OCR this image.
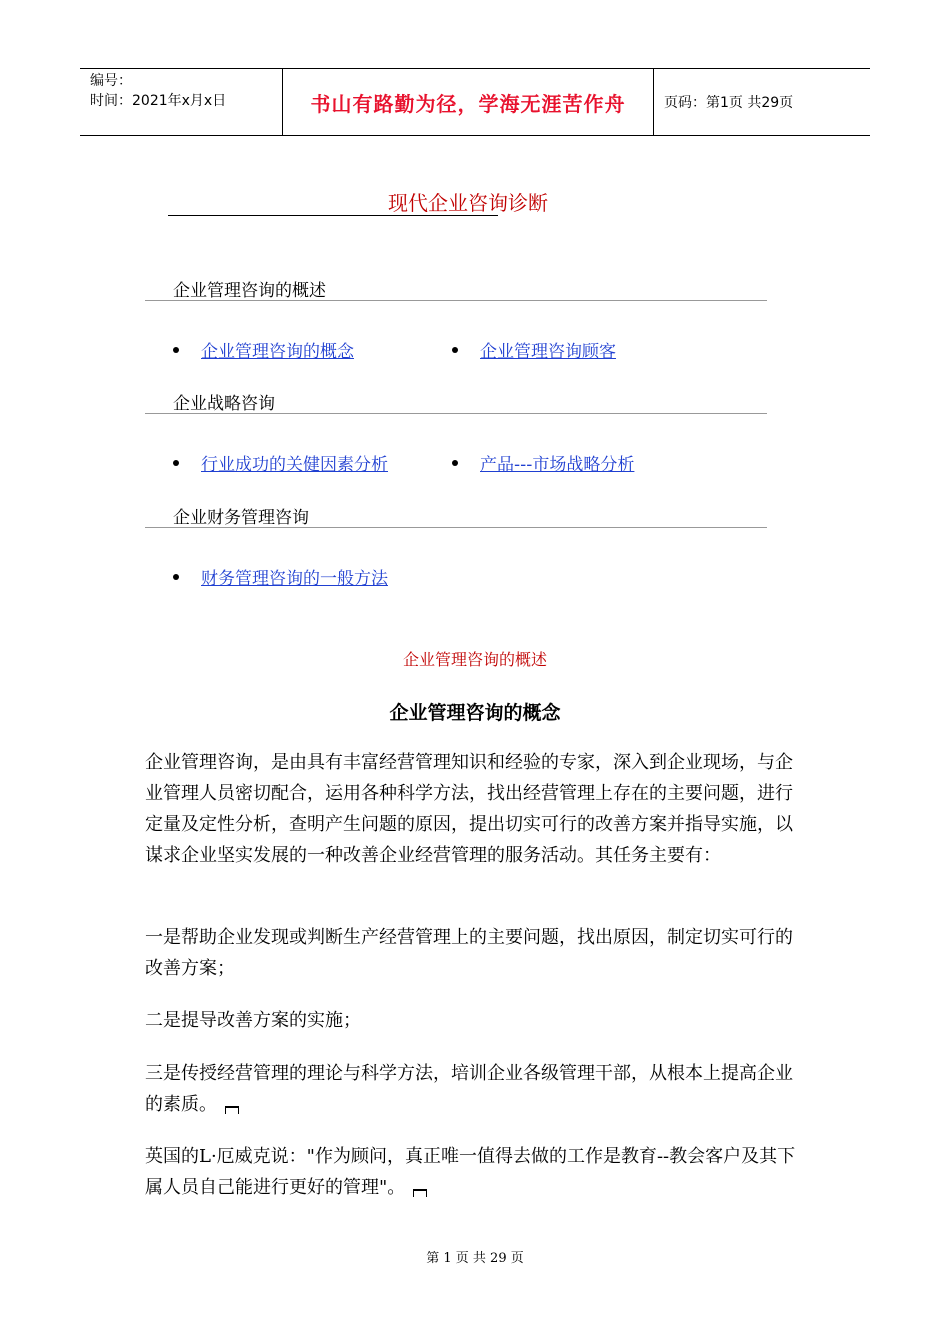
编号：
时间：2021年x月x日	书山有路勤为径，学海无涯苦作舟	页码：第1页 共29页
现代企业咨询诊断
企业管理咨询的概述
企业管理咨询的概念	企业管理咨询顾客
企业战略咨询
行业成功的关健因素分析	产品---市场战略分析
企业财务管理咨询
财务管理咨询的一般方法
企业管理咨询的概述
企业管理咨询的概念

企业管理咨询，是由具有丰富经营管理知识和经验的专家，深入到企业现场，与企业管理人员密切配合，运用各种科学方法，找出经营管理上存在的主要问题，进行定量及定性分析，查明产生问题的原因，提出切实可行的改善方案并指导实施，以谋求企业坚实发展的一种改善企业经营管理的服务活动。其任务主要有：

一是帮助企业发现或判断生产经营管理上的主要问题，找出原因，制定切实可行的改善方案；

二是提导改善方案的实施；

三是传授经营管理的理论与科学方法，培训企业各级管理干部，从根本上提高企业的素质。

英国的L·厄威克说："作为顾问，真正唯一值得去做的工作是教育--教会客户及其下属人员自己能进行更好的管理"。

第 1 页 共 29 页
